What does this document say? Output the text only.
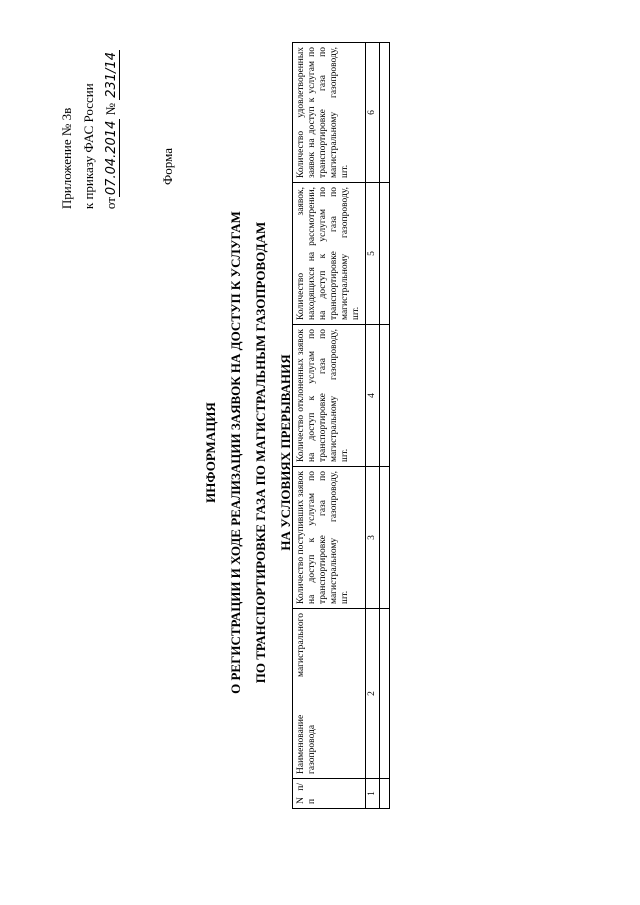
Приложение № 3в к приказу ФАС России от07.04.2014 № 231/14
Форма
ИНФОРМАЦИЯ О РЕГИСТРАЦИИ И ХОДЕ РЕАЛИЗАЦИИ ЗАЯВОК НА ДОСТУП К УСЛУГАМ ПО ТРАНСПОРТИРОВКЕ ГАЗА ПО МАГИСТРАЛЬНЫМ ГАЗОПРОВОДАМ НА УСЛОВИЯХ ПРЕРЫВАНИЯ
N п/п	Наименование магистрального газопровода	Количество поступивших заявок на доступ к услугам по транспортировке газа по магистральному газопроводу, шт.	Количество отклоненных заявок на доступ к услугам по транспортировке газа по магистральному газопроводу, шт.	Количество заявок, находящихся на рассмотрении, на доступ к услугам по транспортировке газа по магистральному газопроводу, шт.	Количество удовлетворенных заявок на доступ к услугам по транспортировке газа по магистральному газопроводу, шт.
1	2	3	4	5	6
